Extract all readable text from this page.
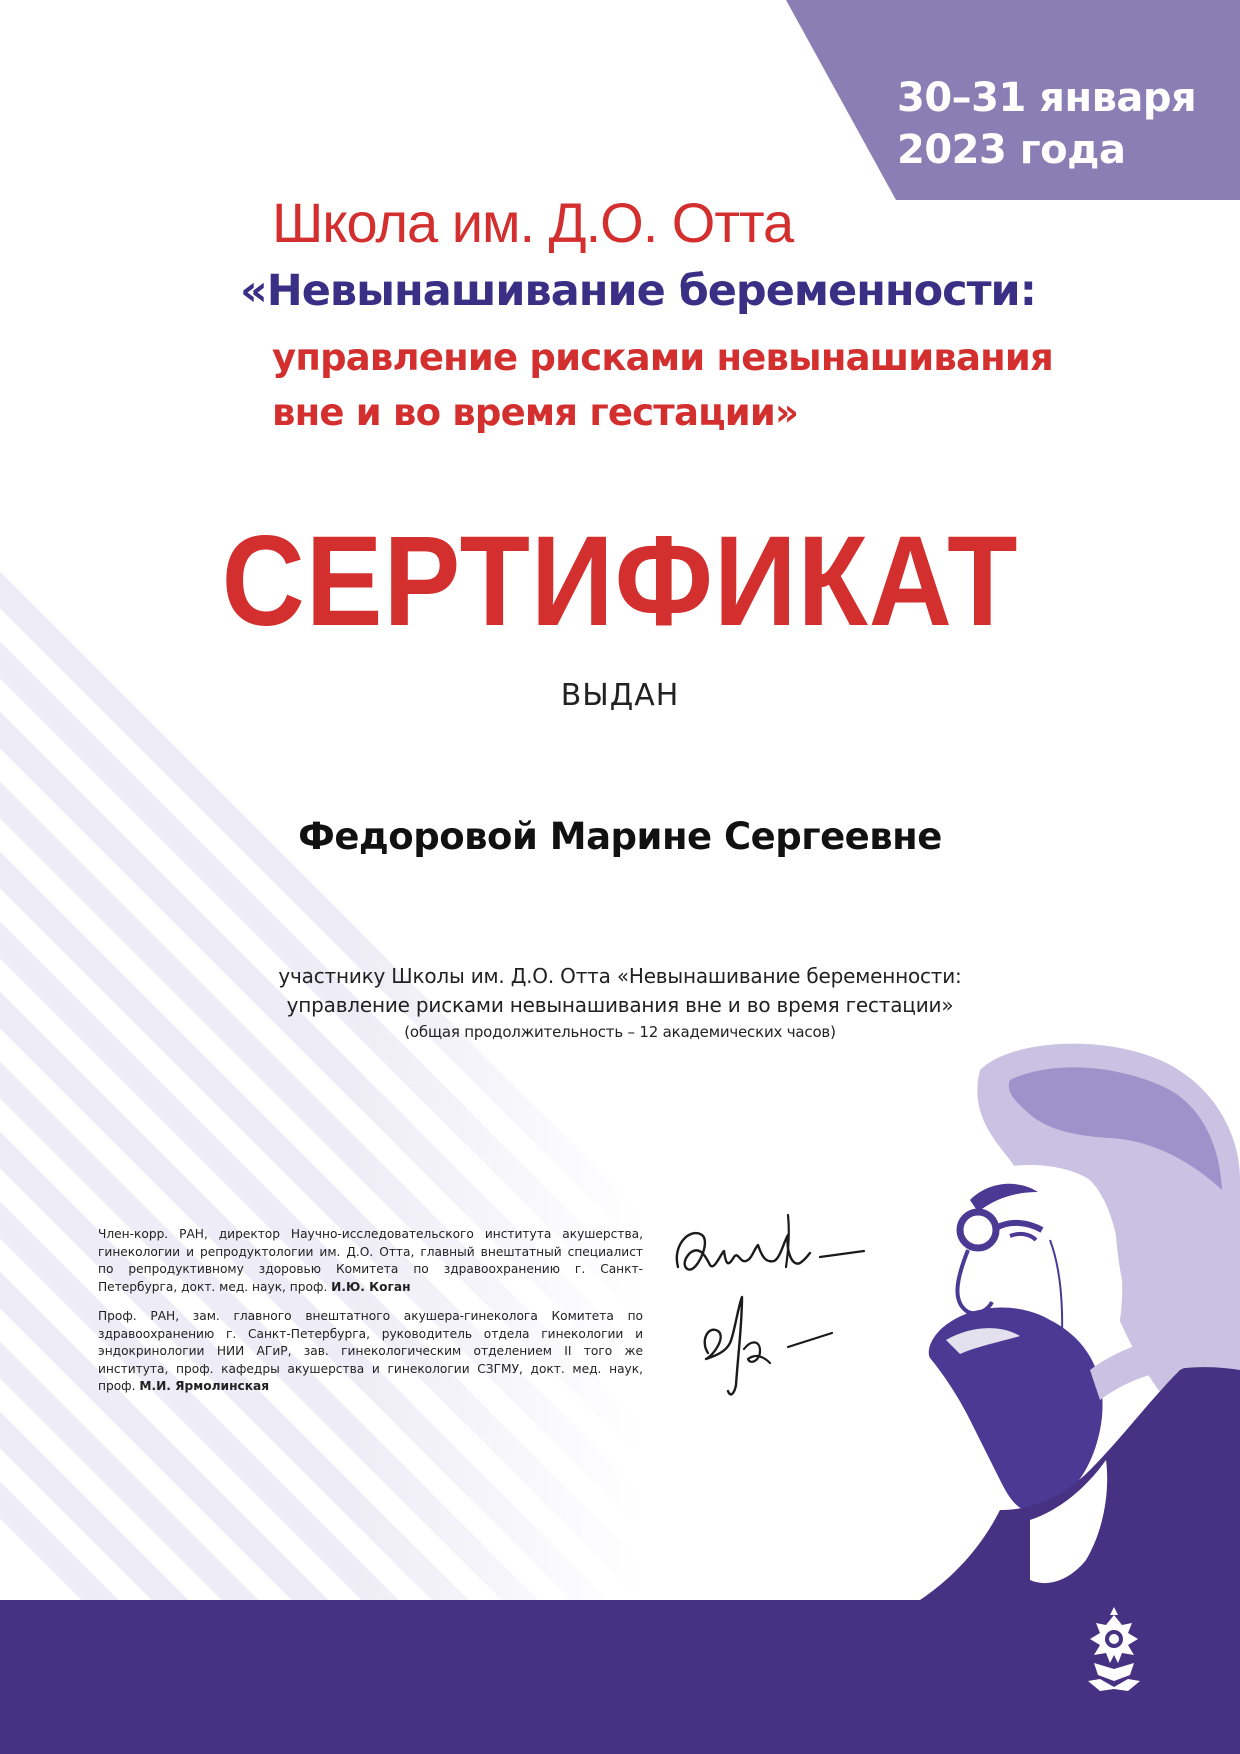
30–31 января
2023 года
Школа им. Д.О. Отта
«Невынашивание беременности:
управление рисками невынашивания
вне и во время гестации»
СЕРТИФИКАТ
ВЫДАН
Федоровой Марине Сергеевне
участнику Школы им. Д.О. Отта «Невынашивание беременности:
управление рисками невынашивания вне и во время гестации»
(общая продолжительность – 12 академических часов)

Член-корр. РАН, директор Научно-исследовательского института акушерства, гинекологии и репродуктологии им. Д.О. Отта, главный внештатный специалист по репродуктивному здоровью Комитета по здравоохранению г. Санкт-Петербурга, докт. мед. наук, проф. И.Ю. Коган

Проф. РАН, зам. главного внештатного акушера-гинеколога Комитета по здравоохранению г. Санкт-Петербурга, руководитель отдела гинекологии и эндокринологии НИИ АГиР, зав. гинекологическим отделением II того же института, проф. кафедры акушерства и гинекологии СЗГМУ, докт. мед. наук, проф. М.И. Ярмолинская
